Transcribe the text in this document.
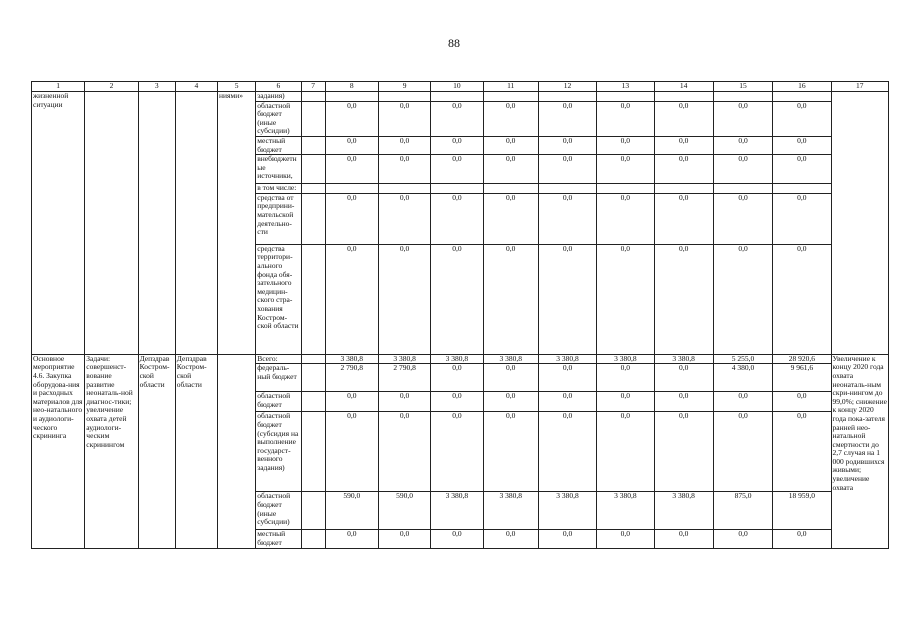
88
1	2	3	4	5	6	7	8	9	10	11	12	13	14	15	16	17
жизненной ситуации				ниями»	задания)											
					областной бюджет (иные субсидии)		0,0	0,0	0,0	0,0	0,0	0,0	0,0	0,0	0,0	
					местный бюджет		0,0	0,0	0,0	0,0	0,0	0,0	0,0	0,0	0,0	
					внебюджетные источники,		0,0	0,0	0,0	0,0	0,0	0,0	0,0	0,0	0,0	
					в том числе:											
					средства от предприни-мательской деятельно-сти		0,0	0,0	0,0	0,0	0,0	0,0	0,0	0,0	0,0	
					средства территори-ального фонда обя-зательного медицин-ского стра-хования Костром-ской области		0,0	0,0	0,0	0,0	0,0	0,0	0,0	0,0	0,0	
Основное мероприятие 4.6. Закупка оборудова-ния и расходных материалов для нео-натального и аудиологи-ческого скрининга	Задачи: совершенст-вование развитие неонаталь-ной диагнос-тики; увеличение охвата детей аудиологи-ческим скринингом	Депздрав Костром-ской области	Депздрав Костром-ской области		Всего:		3 380,8	3 380,8	3 380,8	3 380,8	3 380,8	3 380,8	3 380,8	5 255,0	28 920,6	Увеличение к концу 2020 года охвата неонаталь-ным скри-нингом до 99,0%; снижение к концу 2020 года пока-зателя ранней нео-натальной смертности до 2,7 случая на 1 000 родившихся живыми; увеличение охвата
					федераль-ный бюджет		2 790,8	2 790,8	0,0	0,0	0,0	0,0	0,0	4 380,0	9 961,6	
					областной бюджет		0,0	0,0	0,0	0,0	0,0	0,0	0,0	0,0	0,0	
					областной бюджет (субсидия на выполнение государст-венного задания)		0,0	0,0	0,0	0,0	0,0	0,0	0,0	0,0	0,0	
					областной бюджет (иные субсидии)		590,0	590,0	3 380,8	3 380,8	3 380,8	3 380,8	3 380,8	875,0	18 959,0	
					местный бюджет		0,0	0,0	0,0	0,0	0,0	0,0	0,0	0,0	0,0	
